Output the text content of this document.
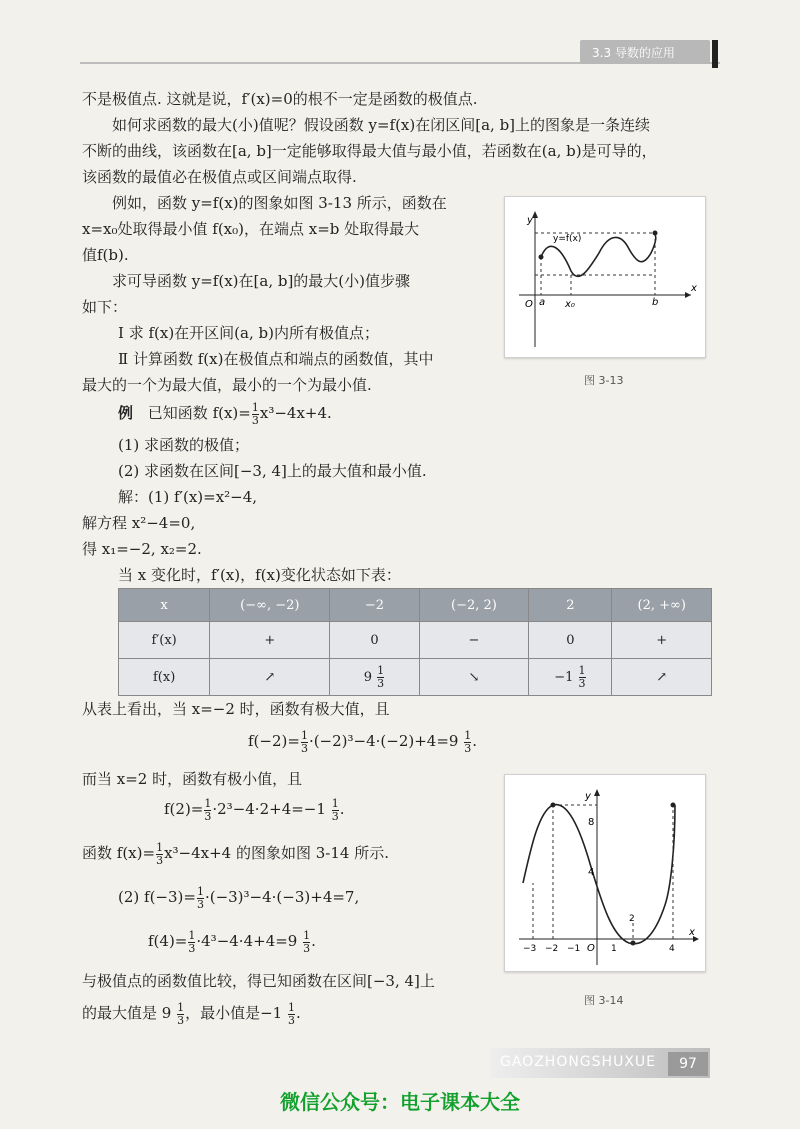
3.3 导数的应用
不是极值点. 这就是说，f′(x)=0的根不一定是函数的极值点.
如何求函数的最大(小)值呢？假设函数 y=f(x)在闭区间[a, b]上的图象是一条连续
不断的曲线，该函数在[a, b]一定能够取得最大值与最小值，若函数在(a, b)是可导的，
该函数的最值必在极值点或区间端点取得.
例如，函数 y=f(x)的图象如图 3-13 所示，函数在
x=x₀处取得最小值 f(x₀)，在端点 x=b 处取得最大
值f(b).
求可导函数 y=f(x)在[a, b]的最大(小)值步骤
如下：
Ⅰ 求 f(x)在开区间(a, b)内所有极值点；
Ⅱ 计算函数 f(x)在极值点和端点的函数值，其中
最大的一个为最大值，最小的一个为最小值.
y
x
O a x₀	b
y=f(x)
图 3-13
例 已知函数 $f(x)= \frac{1}{3} x^3-4x+4$.
(1) 求函数的极值；
(2) 求函数在区间[−3, 4]上的最大值和最小值.
解：(1) f′(x)=x²−4,
解方程 x²−4=0,
得 x₁=−2, x₂=2.
当 x 变化时，f′(x)，f(x)变化状态如下表：
x	(−∞, −2)	−2	(−2, 2)	2	(2, +∞)
f′(x)	+	0	−	0	+
f(x)	↗	$9 \frac{1}{3}$	↘	$-1 \frac{1}{3}$	↗
从表上看出，当 x=−2 时，函数有极大值，且
$f(-2)= \frac{1}{3} \cdot(-2)^3-4\cdot(-2)+4=9 \frac{1}{3}$ .
而当 x=2 时，函数有极小值，且
$f(2)= \frac{1}{3} \cdot 2^3-4\cdot 2+4=-1 \frac{1}{3}$ .
函数 $f(x)= \frac{1}{3} x^3-4x+4$ 的图象如图 3-14 所示.
(2) $f(-3)= \frac{1}{3} \cdot(-3)^3-4\cdot(-3)+4=7$,
$f(4)= \frac{1}{3} \cdot 4^3-4\cdot 4+4=9 \frac{1}{3}$ .
与极值点的函数值比较，得已知函数在区间[−3, 4]上
的最大值是 $9 \frac{1}{3}$ ，最小值是$-1 \frac{1}{3}$ .
y
x
O
8
4
−3 −2 −1	1
2
4
图 3-14
GAOZHONGSHUXUE	97
微信公众号：电子课本大全
